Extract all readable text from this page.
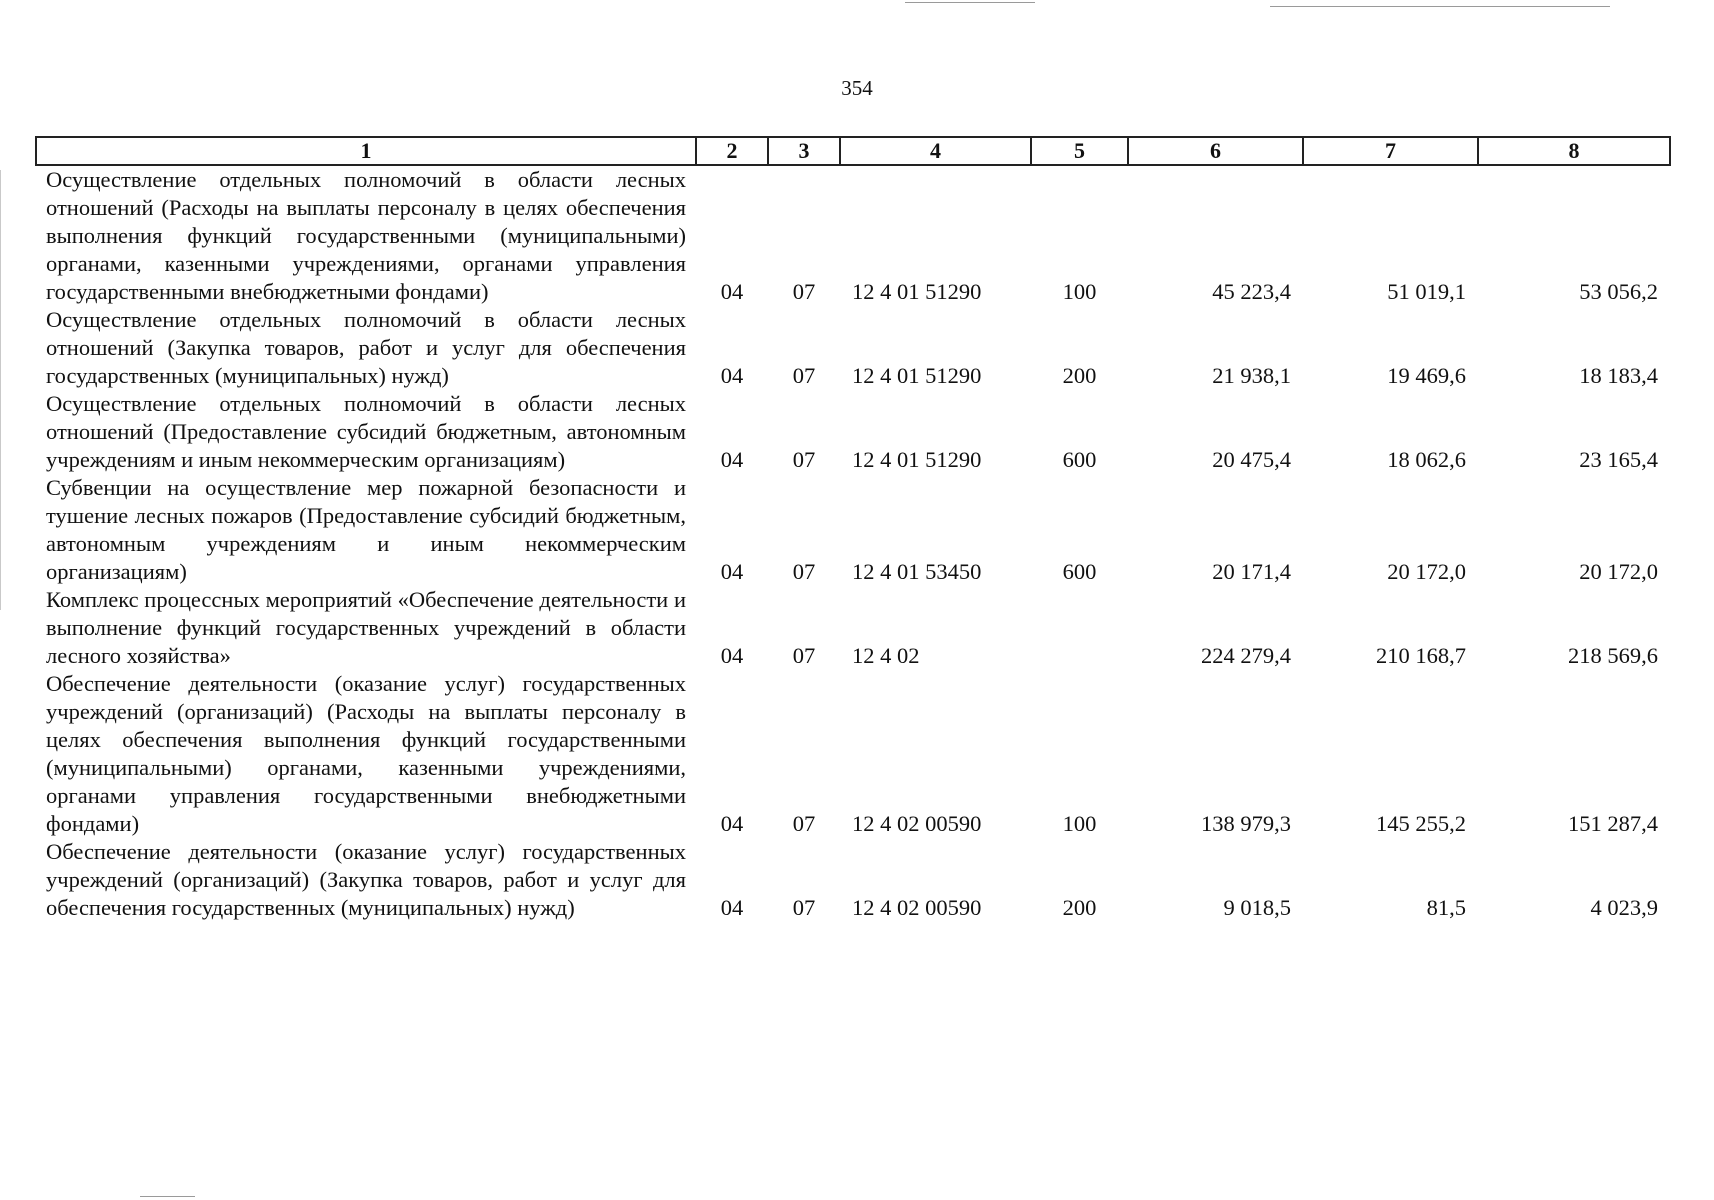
354
1	2	3	4	5	6	7	8
Осуществление отдельных полномочий в области лесных отношений (Расходы на выплаты персоналу в целях обеспечения выполнения функций государственными (муниципальными) органами, казенными учреждениями, органами управления государственными внебюджетными фондами)	04	07	12 4 01 51290	100	45 223,4	51 019,1	53 056,2
Осуществление отдельных полномочий в области лесных отношений (Закупка товаров, работ и услуг для обеспечения государственных (муниципальных) нужд)	04	07	12 4 01 51290	200	21 938,1	19 469,6	18 183,4
Осуществление отдельных полномочий в области лесных отношений (Предоставление субсидий бюджетным, автономным учреждениям и иным некоммерческим организациям)	04	07	12 4 01 51290	600	20 475,4	18 062,6	23 165,4
Субвенции на осуществление мер пожарной безопасности и тушение лесных пожаров (Предоставление субсидий бюджетным, автономным учреждениям и иным некоммерческим организациям)	04	07	12 4 01 53450	600	20 171,4	20 172,0	20 172,0
Комплекс процессных мероприятий «Обеспечение деятельности и выполнение функций государственных учреждений в области лесного хозяйства»	04	07	12 4 02		224 279,4	210 168,7	218 569,6
Обеспечение деятельности (оказание услуг) государственных учреждений (организаций) (Расходы на выплаты персоналу в целях обеспечения выполнения функций государственными (муниципальными) органами, казенными учреждениями, органами управления государственными внебюджетными фондами)	04	07	12 4 02 00590	100	138 979,3	145 255,2	151 287,4
Обеспечение деятельности (оказание услуг) государственных учреждений (организаций) (Закупка товаров, работ и услуг для обеспечения государственных (муниципальных) нужд)	04	07	12 4 02 00590	200	9 018,5	81,5	4 023,9
